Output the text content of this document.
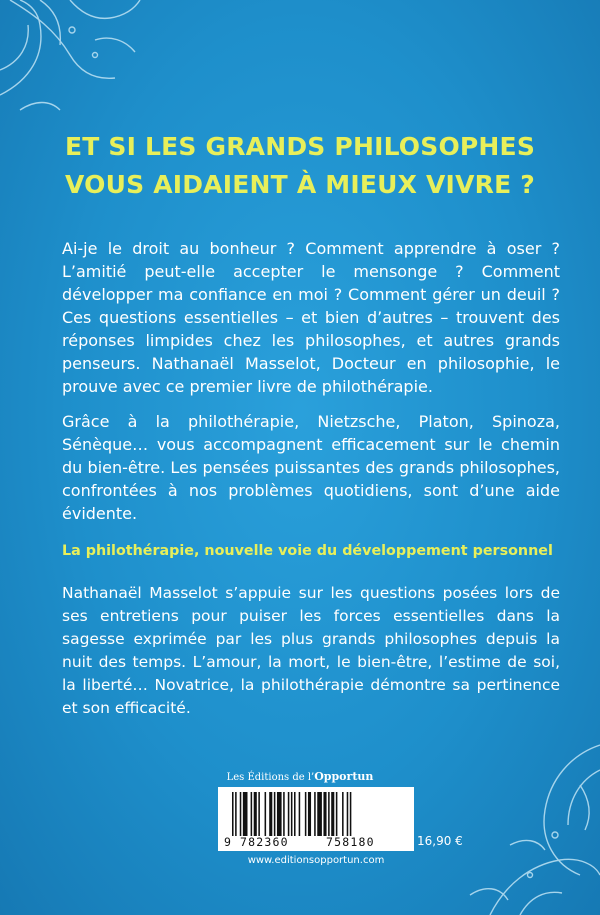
ET SI LES GRANDS PHILOSOPHES
VOUS AIDAIENT À MIEUX VIVRE ?

Ai-je le droit au bonheur ? Comment apprendre à oser ? L’amitié peut-elle accepter le mensonge ? Comment développer ma confiance en moi ? Comment gérer un deuil ? Ces questions essentielles – et bien d’autres – trouvent des réponses limpides chez les philosophes, et autres grands penseurs. Nathanaël Masselot, Docteur en philosophie, le prouve avec ce premier livre de philothérapie.

Grâce à la philothérapie, Nietzsche, Platon, Spinoza, Sénèque… vous accompagnent efficacement sur le chemin du bien-être. Les pensées puissantes des grands philosophes, confrontées à nos problèmes quotidiens, sont d’une aide évidente.

La philothérapie, nouvelle voie du développement personnel

Nathanaël Masselot s’appuie sur les questions posées lors de ses entretiens pour puiser les forces essentielles dans la sagesse exprimée par les plus grands philosophes depuis la nuit des temps. L’amour, la mort, le bien-être, l’estime de soi, la liberté… Novatrice, la philothérapie démontre sa pertinence et son efficacité.

Les Éditions de l’Opportun
9 782360	758180	16,90 €
www.editionsopportun.com
